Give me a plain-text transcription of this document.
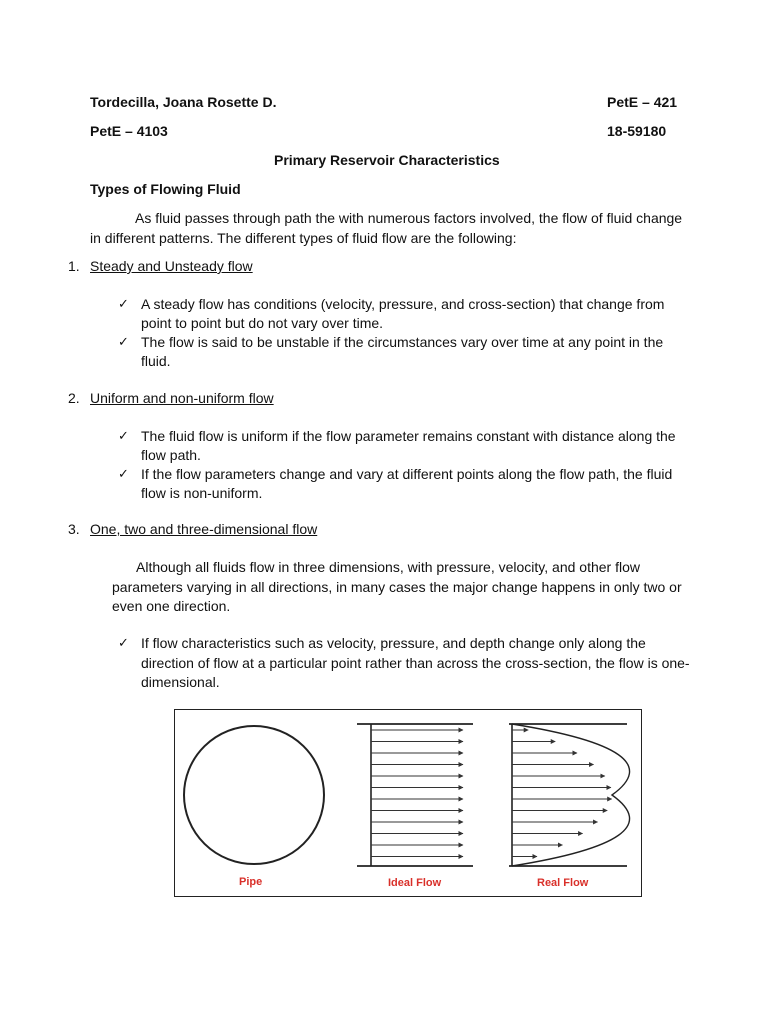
Tordecilla, Joana Rosette D.	PetE – 421
PetE – 4103	18-59180
Primary Reservoir Characteristics
Types of Flowing Fluid
As fluid passes through path the with numerous factors involved, the flow of fluid change
in different patterns. The different types of fluid flow are the following:
1. Steady and Unsteady flow
✓ A steady flow has conditions (velocity, pressure, and cross-section) that change from
point to point but do not vary over time.
✓ The flow is said to be unstable if the circumstances vary over time at any point in the
fluid.
2. Uniform and non-uniform flow
✓ The fluid flow is uniform if the flow parameter remains constant with distance along the
flow path.
✓ If the flow parameters change and vary at different points along the flow path, the fluid
flow is non-uniform.
3. One, two and three-dimensional flow
Although all fluids flow in three dimensions, with pressure, velocity, and other flow
parameters varying in all directions, in many cases the major change happens in only two or
even one direction.
✓ If flow characteristics such as velocity, pressure, and depth change only along the
direction of flow at a particular point rather than across the cross-section, the flow is one-
dimensional.
Pipe	Ideal Flow	Real Flow
